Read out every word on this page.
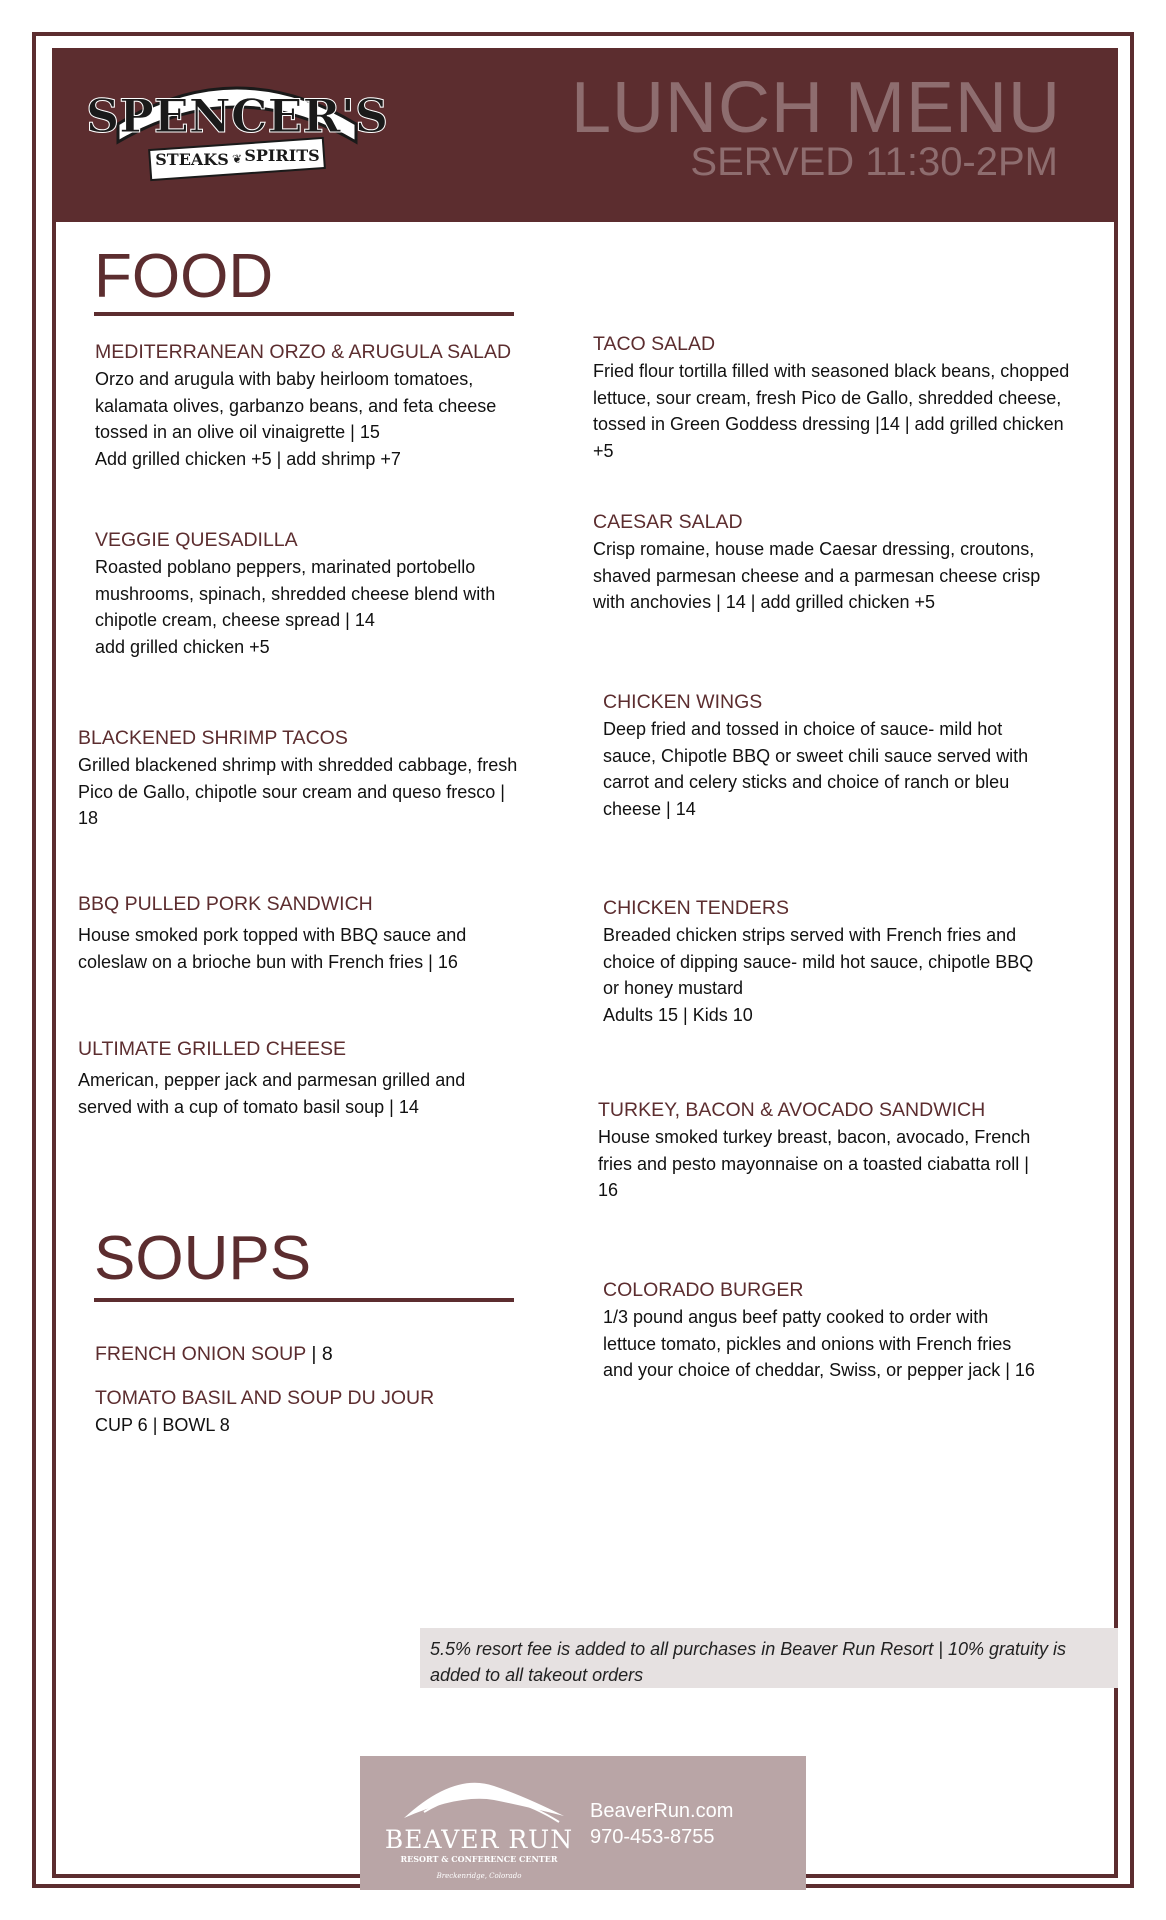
SPENCER'S
STEAKS SPIRITS
❦
LUNCH MENU
SERVED 11:30-2PM
FOOD
MEDITERRANEAN ORZO & ARUGULA SALAD
Orzo and arugula with baby heirloom tomatoes, kalamata olives, garbanzo beans, and feta cheese tossed in an olive oil vinaigrette | 15
Add grilled chicken +5 | add shrimp +7
VEGGIE QUESADILLA
Roasted poblano peppers, marinated portobello mushrooms, spinach, shredded cheese blend with chipotle cream, cheese spread | 14
add grilled chicken +5
BLACKENED SHRIMP TACOS
Grilled blackened shrimp with shredded cabbage, fresh Pico de Gallo, chipotle sour cream and queso fresco | 18
BBQ PULLED PORK SANDWICH
House smoked pork topped with BBQ sauce and coleslaw on a brioche bun with French fries | 16
ULTIMATE GRILLED CHEESE
American, pepper jack and parmesan grilled and served with a cup of tomato basil soup | 14
TACO SALAD
Fried flour tortilla filled with seasoned black beans, chopped lettuce, sour cream, fresh Pico de Gallo, shredded cheese, tossed in Green Goddess dressing |14 | add grilled chicken +5
CAESAR SALAD
Crisp romaine, house made Caesar dressing, croutons, shaved parmesan cheese and a parmesan cheese crisp with anchovies | 14 | add grilled chicken +5
CHICKEN WINGS
Deep fried and tossed in choice of sauce- mild hot sauce, Chipotle BBQ or sweet chili sauce served with carrot and celery sticks and choice of ranch or bleu cheese | 14
CHICKEN TENDERS
Breaded chicken strips served with French fries and choice of dipping sauce- mild hot sauce, chipotle BBQ or honey mustard
Adults 15 | Kids 10
TURKEY, BACON & AVOCADO SANDWICH
House smoked turkey breast, bacon, avocado, French fries and pesto mayonnaise on a toasted ciabatta roll | 16
COLORADO BURGER
1/3 pound angus beef patty cooked to order with lettuce tomato, pickles and onions with French fries and your choice of cheddar, Swiss, or pepper jack | 16
SOUPS
FRENCH ONION SOUP | 8
TOMATO BASIL AND SOUP DU JOUR
CUP 6 | BOWL 8
5.5% resort fee is added to all purchases in Beaver Run Resort | 10% gratuity is added to all takeout orders
BEAVER RUN
RESORT & CONFERENCE CENTER
Breckenridge, Colorado
BeaverRun.com
970-453-8755
